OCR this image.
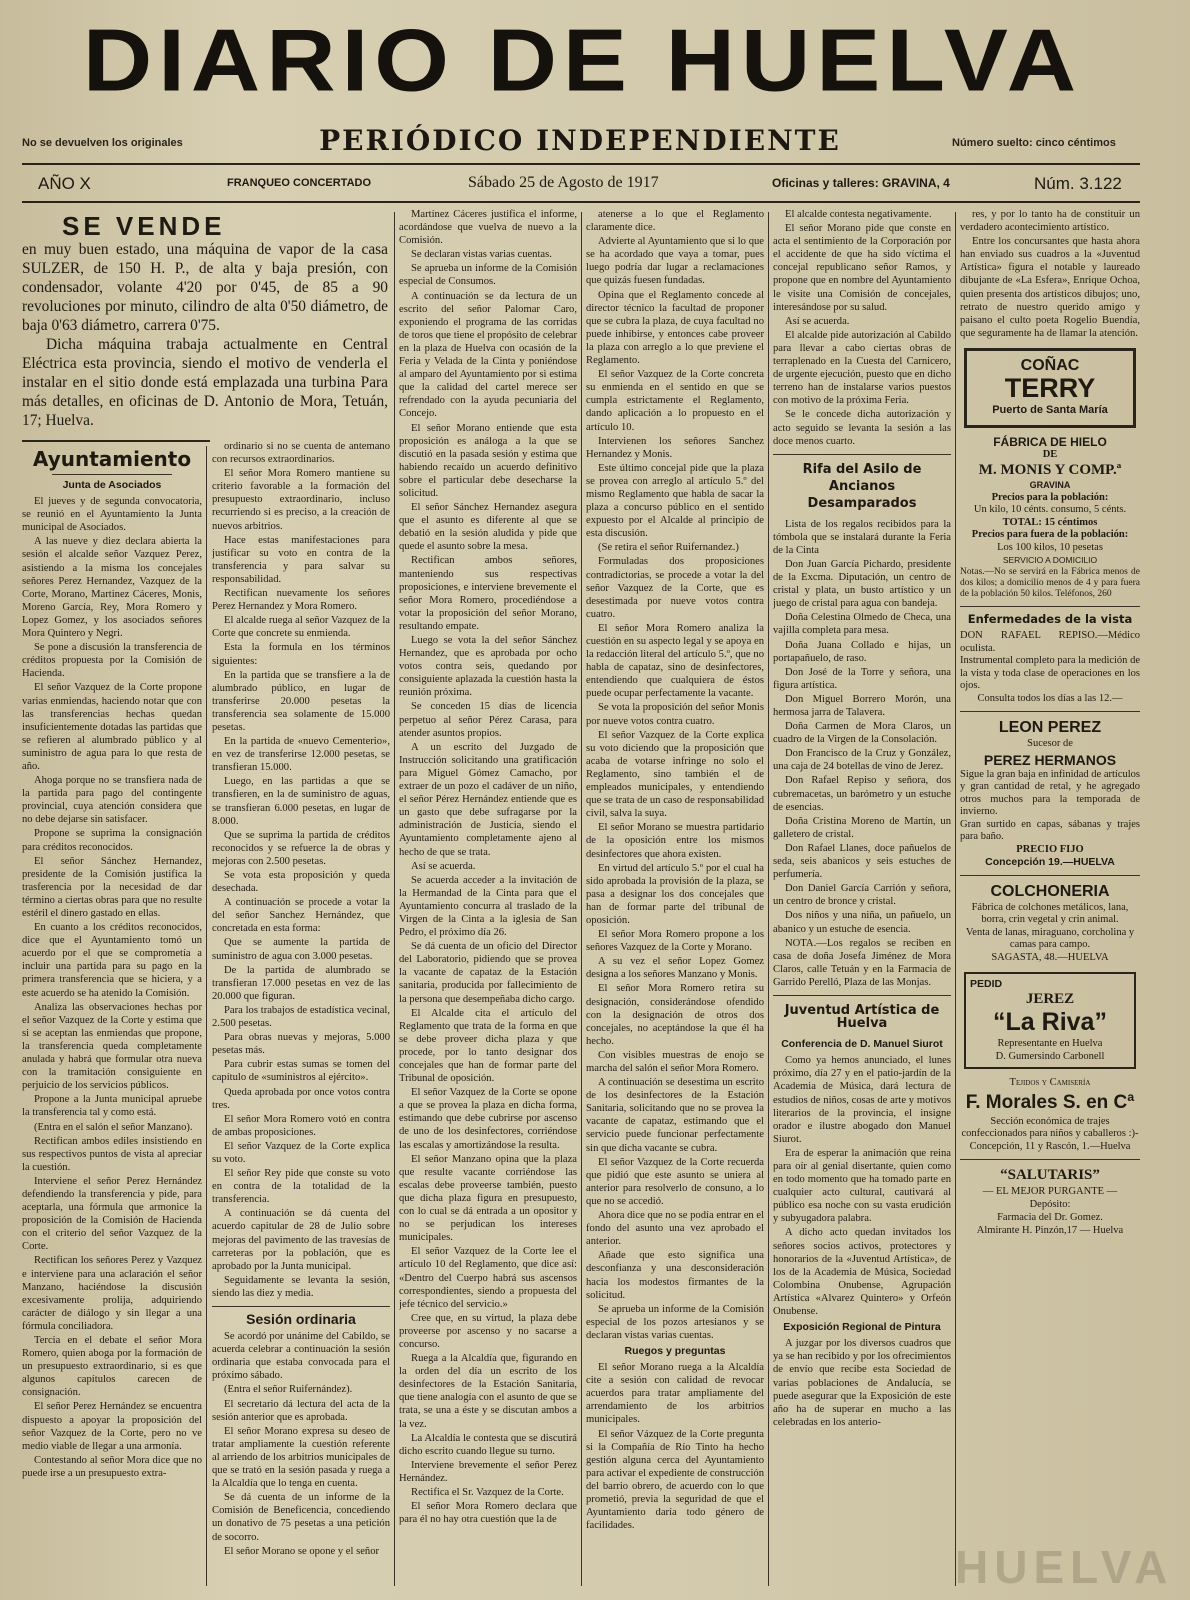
DIARIO DE HUELVA
No se devuelven los originales	PERIÓDICO INDEPENDIENTE	Número suelto: cinco céntimos
AÑO X	FRANQUEO CONCERTADO	Sábado 25 de Agosto de 1917	Oficinas y talleres: GRAVINA, 4	Núm. 3.122
SE VENDE

en muy buen estado, una máquina de vapor de la casa SULZER, de 150 H. P., de alta y baja presión, con condensador, volante 4'20 por 0'45, de 85 a 90 revoluciones por minuto, cilindro de alta 0'50 diámetro, de baja 0'63 diámetro, carrera 0'75.

Dicha máquina trabaja actualmente en Central Eléctrica esta provincia, siendo el motivo de venderla el instalar en el sitio donde está emplazada una turbina Para más detalles, en oficinas de D. Antonio de Mora, Tetuán, 17; Huelva.

Ayuntamiento
Junta de Asociados

El jueves y de segunda convocatoria, se reunió en el Ayuntamiento la Junta municipal de Asociados.

A las nueve y diez declara abierta la sesión el alcalde señor Vazquez Perez, asistiendo a la misma los concejales señores Perez Hernandez, Vazquez de la Corte, Morano, Martinez Cáceres, Monis, Moreno García, Rey, Mora Romero y Lopez Gomez, y los asociados señores Mora Quintero y Negri.

Se pone a discusión la transferencia de créditos propuesta por la Comisión de Hacienda.

El señor Vazquez de la Corte propone varias enmiendas, haciendo notar que con las transferencias hechas quedan insuficientemente dotadas las partidas que se refieren al alumbrado público y al suministro de agua para lo que resta de año.

Ahoga porque no se transfiera nada de la partida para pago del contingente provincial, cuya atención considera que no debe dejarse sin satisfacer.

Propone se suprima la consignación para créditos reconocidos.

El señor Sánchez Hernandez, presidente de la Comisión justifica la trasferencia por la necesidad de dar término a ciertas obras para que no resulte estéril el dinero gastado en ellas.

En cuanto a los créditos reconocidos, dice que el Ayuntamiento tomó un acuerdo por el que se comprometía a incluir una partida para su pago en la primera transferencia que se hiciera, y a este acuerdo se ha atenido la Comisión.

Analiza las observaciones hechas por el señor Vazquez de la Corte y estima que si se aceptan las enmiendas que propone, la transferencia queda completamente anulada y habrá que formular otra nueva con la tramitación consiguiente en perjuicio de los servicios públicos.

Propone a la Junta municipal apruebe la transferencia tal y como está.

(Entra en el salón el señor Manzano).

Rectifican ambos ediles insistiendo en sus respectivos puntos de vista al apreciar la cuestión.

Interviene el señor Perez Hernández defendiendo la transferencia y pide, para aceptarla, una fórmula que armonice la proposición de la Comisión de Hacienda con el criterio del señor Vazquez de la Corte.

Rectifican los señores Perez y Vazquez e interviene para una aclaración el señor Manzano, haciéndose la discusión excesivamente prolija, adquiriendo carácter de diálogo y sin llegar a una fórmula conciliadora.

Tercia en el debate el señor Mora Romero, quien aboga por la formación de un presupuesto extraordinario, si es que algunos capítulos carecen de consignación.

El señor Perez Hernández se encuentra dispuesto a apoyar la proposición del señor Vazquez de la Corte, pero no ve medio viable de llegar a una armonía.

Contestando al señor Mora dice que no puede irse a un presupuesto extra-

ordinario si no se cuenta de antemano con recursos extraordinarios.

El señor Mora Romero mantiene su criterio favorable a la formación del presupuesto extraordinario, incluso recurriendo si es preciso, a la creación de nuevos arbitrios.

Hace estas manifestaciones para justificar su voto en contra de la transferencia y para salvar su responsabilidad.

Rectifican nuevamente los señores Perez Hernandez y Mora Romero.

El alcalde ruega al señor Vazquez de la Corte que concrete su enmienda.

Esta la formula en los términos siguientes:

En la partida que se transfiere a la de alumbrado público, en lugar de transferirse 20.000 pesetas la transferencia sea solamente de 15.000 pesetas.

En la partida de «nuevo Cementerio», en vez de transferirse 12.000 pesetas, se transfieran 15.000.

Luego, en las partidas a que se transfieren, en la de suministro de aguas, se transfieran 6.000 pesetas, en lugar de 8.000.

Que se suprima la partida de créditos reconocidos y se refuerce la de obras y mejoras con 2.500 pesetas.

Se vota esta proposición y queda desechada.

A continuación se procede a votar la del señor Sanchez Hernández, que concretada en esta forma:

Que se aumente la partida de suministro de agua con 3.000 pesetas.

De la partida de alumbrado se transfieran 17.000 pesetas en vez de las 20.000 que figuran.

Para los trabajos de estadística vecinal, 2.500 pesetas.

Para obras nuevas y mejoras, 5.000 pesetas más.

Para cubrir estas sumas se tomen del capítulo de «suministros al ejército».

Queda aprobada por once votos contra tres.

El señor Mora Romero votó en contra de ambas proposiciones.

El señor Vazquez de la Corte explica su voto.

El señor Rey pide que conste su voto en contra de la totalidad de la transferencia.

A continuación se dá cuenta del acuerdo capitular de 28 de Julio sobre mejoras del pavimento de las travesías de carreteras por la población, que es aprobado por la Junta municipal.

Seguidamente se levanta la sesión, siendo las diez y media.

Sesión ordinaria

Se acordó por unánime del Cabildo, se acuerda celebrar a continuación la sesión ordinaria que estaba convocada para el próximo sábado.

(Entra el señor Ruifernández).

El secretario dá lectura del acta de la sesión anterior que es aprobada.

El señor Morano expresa su deseo de tratar ampliamente la cuestión referente al arriendo de los arbitrios municipales de que se trató en la sesión pasada y ruega a la Alcaldía que lo tenga en cuenta.

Se dá cuenta de un informe de la Comisión de Beneficencia, concediendo un donativo de 75 pesetas a una petición de socorro.

El señor Morano se opone y el señor

Martínez Cáceres justifica el informe, acordándose que vuelva de nuevo a la Comisión.

Se declaran vistas varias cuentas.

Se aprueba un informe de la Comisión especial de Consumos.

A continuación se da lectura de un escrito del señor Palomar Caro, exponiendo el programa de las corridas de toros que tiene el propósito de celebrar en la plaza de Huelva con ocasión de la Feria y Velada de la Cinta y poniéndose al amparo del Ayuntamiento por si estima que la calidad del cartel merece ser refrendado con la ayuda pecuniaria del Concejo.

El señor Morano entiende que esta proposición es análoga a la que se discutió en la pasada sesión y estima que habiendo recaído un acuerdo definitivo sobre el particular debe desecharse la solicitud.

El señor Sánchez Hernandez asegura que el asunto es diferente al que se debatió en la sesión aludida y pide que quede el asunto sobre la mesa.

Rectifican ambos señores, manteniendo sus respectivas proposiciones, e interviene brevemente el señor Mora Romero, procediéndose a votar la proposición del señor Morano, resultando empate.

Luego se vota la del señor Sánchez Hernandez, que es aprobada por ocho votos contra seis, quedando por consiguiente aplazada la cuestión hasta la reunión próxima.

Se conceden 15 días de licencia perpetuo al señor Pérez Carasa, para atender asuntos propios.

A un escrito del Juzgado de Instrucción solicitando una gratificación para Miguel Gómez Camacho, por extraer de un pozo el cadáver de un niño, el señor Pérez Hernández entiende que es un gasto que debe sufragarse por la administración de Justicia, siendo el Ayuntamiento completamente ajeno al hecho de que se trata.

Así se acuerda.

Se acuerda acceder a la invitación de la Hermandad de la Cinta para que el Ayuntamiento concurra al traslado de la Virgen de la Cinta a la iglesia de San Pedro, el próximo día 26.

Se dá cuenta de un oficio del Director del Laboratorio, pidiendo que se provea la vacante de capataz de la Estación sanitaria, producida por fallecimiento de la persona que desempeñaba dicho cargo.

El Alcalde cita el artículo del Reglamento que trata de la forma en que se debe proveer dicha plaza y que procede, por lo tanto designar dos concejales que han de formar parte del Tribunal de oposición.

El señor Vazquez de la Corte se opone a que se provea la plaza en dicha forma, estimando que debe cubrirse por ascenso de uno de los desinfectores, corriéndose las escalas y amortizándose la resulta.

El señor Manzano opina que la plaza que resulte vacante corriéndose las escalas debe proveerse también, puesto que dicha plaza figura en presupuesto, con lo cual se dá entrada a un opositor y no se perjudican los intereses municipales.

El señor Vazquez de la Corte lee el artículo 10 del Reglamento, que dice así: «Dentro del Cuerpo habrá sus ascensos correspondientes, siendo a propuesta del jefe técnico del servicio.»

Cree que, en su virtud, la plaza debe proveerse por ascenso y no sacarse a concurso.

Ruega a la Alcaldía que, figurando en la orden del día un escrito de los desinfectores de la Estación Sanitaria, que tiene analogía con el asunto de que se trata, se una a éste y se discutan ambos a la vez.

La Alcaldía le contesta que se discutirá dicho escrito cuando llegue su turno.

Interviene brevemente el señor Perez Hernández.

Rectifica el Sr. Vazquez de la Corte.

El señor Mora Romero declara que para él no hay otra cuestión que la de

atenerse a lo que el Reglamento claramente dice.

Advierte al Ayuntamiento que si lo que se ha acordado que vaya a tomar, pues luego podría dar lugar a reclamaciones que quizás fuesen fundadas.

Opina que el Reglamento concede al director técnico la facultad de proponer que se cubra la plaza, de cuya facultad no puede inhibirse, y entonces cabe proveer la plaza con arreglo a lo que previene el Reglamento.

El señor Vazquez de la Corte concreta su enmienda en el sentido en que se cumpla estrictamente el Reglamento, dando aplicación a lo propuesto en el artículo 10.

Intervienen los señores Sanchez Hernandez y Monis.

Este último concejal pide que la plaza se provea con arreglo al artículo 5.º del mismo Reglamento que habla de sacar la plaza a concurso público en el sentido expuesto por el Alcalde al principio de esta discusión.

(Se retira el señor Ruifernandez.)

Formuladas dos proposiciones contradictorias, se procede a votar la del señor Vazquez de la Corte, que es desestimada por nueve votos contra cuatro.

El señor Mora Romero analiza la cuestión en su aspecto legal y se apoya en la redacción literal del artículo 5.º, que no habla de capataz, sino de desinfectores, entendiendo que cualquiera de éstos puede ocupar perfectamente la vacante.

Se vota la proposición del señor Monis por nueve votos contra cuatro.

El señor Vazquez de la Corte explica su voto diciendo que la proposición que acaba de votarse infringe no solo el Reglamento, sino también el de empleados municipales, y entendiendo que se trata de un caso de responsabilidad civil, salva la suya.

El señor Morano se muestra partidario de la oposición entre los mismos desinfectores que ahora existen.

En virtud del artículo 5.º por el cual ha sido aprobada la provisión de la plaza, se pasa a designar los dos concejales que han de formar parte del tribunal de oposición.

El señor Mora Romero propone a los señores Vazquez de la Corte y Morano.

A su vez el señor Lopez Gomez designa a los señores Manzano y Monis.

El señor Mora Romero retira su designación, considerándose ofendido con la designación de otros dos concejales, no aceptándose la que él ha hecho.

Con visibles muestras de enojo se marcha del salón el señor Mora Romero.

A continuación se desestima un escrito de los desinfectores de la Estación Sanitaria, solicitando que no se provea la vacante de capataz, estimando que el servicio puede funcionar perfectamente sin que dicha vacante se cubra.

El señor Vazquez de la Corte recuerda que pidió que este asunto se uniera al anterior para resolverlo de consuno, a lo que no se accedió.

Ahora dice que no se podía entrar en el fondo del asunto una vez aprobado el anterior.

Añade que esto significa una desconfianza y una desconsideración hacia los modestos firmantes de la solicitud.

Se aprueba un informe de la Comisión especial de los pozos artesianos y se declaran vistas varias cuentas.

Ruegos y preguntas

El señor Morano ruega a la Alcaldía cite a sesión con calidad de revocar acuerdos para tratar ampliamente del arrendamiento de los arbitrios municipales.

El señor Vázquez de la Corte pregunta si la Compañía de Río Tinto ha hecho gestión alguna cerca del Ayuntamiento para activar el expediente de construcción del barrio obrero, de acuerdo con lo que prometió, previa la seguridad de que el Ayuntamiento daría todo género de facilidades.

El alcalde contesta negativamente.

El señor Morano pide que conste en acta el sentimiento de la Corporación por el accidente de que ha sido víctima el concejal republicano señor Ramos, y propone que en nombre del Ayuntamiento le visite una Comisión de concejales, interesándose por su salud.

Así se acuerda.

El alcalde pide autorización al Cabildo para llevar a cabo ciertas obras de terraplenado en la Cuesta del Carnicero, de urgente ejecución, puesto que en dicho terreno han de instalarse varios puestos con motivo de la próxima Feria.

Se le concede dicha autorización y acto seguido se levanta la sesión a las doce menos cuarto.

Rifa del Asilo de Ancianos Desamparados

Lista de los regalos recibidos para la tómbola que se instalará durante la Feria de la Cinta

Don Juan García Pichardo, presidente de la Excma. Diputación, un centro de cristal y plata, un busto artístico y un juego de cristal para agua con bandeja.

Doña Celestina Olmedo de Checa, una vajilla completa para mesa.

Doña Juana Collado e hijas, un portapañuelo, de raso.

Don José de la Torre y señora, una figura artística.

Don Miguel Borrero Morón, una hermosa jarra de Talavera.

Doña Carmen de Mora Claros, un cuadro de la Virgen de la Consolación.

Don Francisco de la Cruz y González, una caja de 24 botellas de vino de Jerez.

Don Rafael Repiso y señora, dos cubremacetas, un barómetro y un estuche de esencias.

Doña Cristina Moreno de Martín, un galletero de cristal.

Don Rafael Llanes, doce pañuelos de seda, seis abanicos y seis estuches de perfumería.

Don Daniel García Carrión y señora, un centro de bronce y cristal.

Dos niños y una niña, un pañuelo, un abanico y un estuche de esencia.

NOTA.—Los regalos se reciben en casa de doña Josefa Jiménez de Mora Claros, calle Tetuán y en la Farmacia de Garrido Perelló, Plaza de las Monjas.

Juventud Artística de Huelva
Conferencia de D. Manuel Siurot

Como ya hemos anunciado, el lunes próximo, día 27 y en el patio-jardín de la Academia de Música, dará lectura de estudios de niños, cosas de arte y motivos literarios de la provincia, el insigne orador e ilustre abogado don Manuel Siurot.

Era de esperar la animación que reina para oír al genial disertante, quien como en todo momento que ha tomado parte en cualquier acto cultural, cautivará al público esa noche con su vasta erudición y subyugadora palabra.

A dicho acto quedan invitados los señores socios activos, protectores y honorarios de la «Juventud Artística», de los de la Academia de Música, Sociedad Colombina Onubense, Agrupación Artística «Alvarez Quintero» y Orfeón Onubense.

Exposición Regional de Pintura

A juzgar por los diversos cuadros que ya se han recibido y por los ofrecimientos de envío que recibe esta Sociedad de varias poblaciones de Andalucía, se puede asegurar que la Exposición de este año ha de superar en mucho a las celebradas en los anterio-

res, y por lo tanto ha de constituir un verdadero acontecimiento artístico.

Entre los concursantes que hasta ahora han enviado sus cuadros a la «Juventud Artística» figura el notable y laureado dibujante de «La Esfera», Enrique Ochoa, quien presenta dos artísticos dibujos; uno, retrato de nuestro querido amigo y paisano el culto poeta Rogelio Buendía, que seguramente ha de llamar la atención.

COÑAC
TERRY
Puerto de Santa María
FÁBRICA DE HIELO
DE
M. MONIS Y COMP.ª
GRAVINA
Precios para la población:
Un kilo, 10 cénts. consumo, 5 cénts.
TOTAL: 15 céntimos
Precios para fuera de la población:
Los 100 kilos, 10 pesetas
SERVICIO A DOMICILIO
Notas.—No se servirá en la Fábrica menos de dos kilos; a domicilio menos de 4 y para fuera de la población 50 kilos. Teléfonos, 260
Enfermedades de la vista
DON RAFAEL REPISO.—Médico oculista.
Instrumental completo para la medición de la vista y toda clase de operaciones en los ojos.
Consulta todos los días a las 12.—
LEON PEREZ
Sucesor de
PEREZ HERMANOS
Sigue la gran baja en infinidad de artículos y gran cantidad de retal, y he agregado otros muchos para la temporada de invierno.
Gran surtido en capas, sábanas y trajes para baño.
PRECIO FIJO
Concepción 19.—HUELVA
COLCHONERIA
Fábrica de colchones metálicos, lana, borra, crin vegetal y crin animal.
Venta de lanas, miraguano, corcholina y camas para campo.
SAGASTA, 48.—HUELVA
PEDID
JEREZ
“La Riva”
Representante en Huelva
D. Gumersindo Carbonell
Tejidos y Camisería
F. Morales S. en Cª
Sección económica de trajes confeccionados para niños y caballeros :)-
Concepción, 11 y Rascón, 1.—Huelva
“SALUTARIS”
— EL MEJOR PURGANTE —
Depósito:
Farmacia del Dr. Gomez.
Almirante H. Pinzón,17 — Huelva
HUELVA
